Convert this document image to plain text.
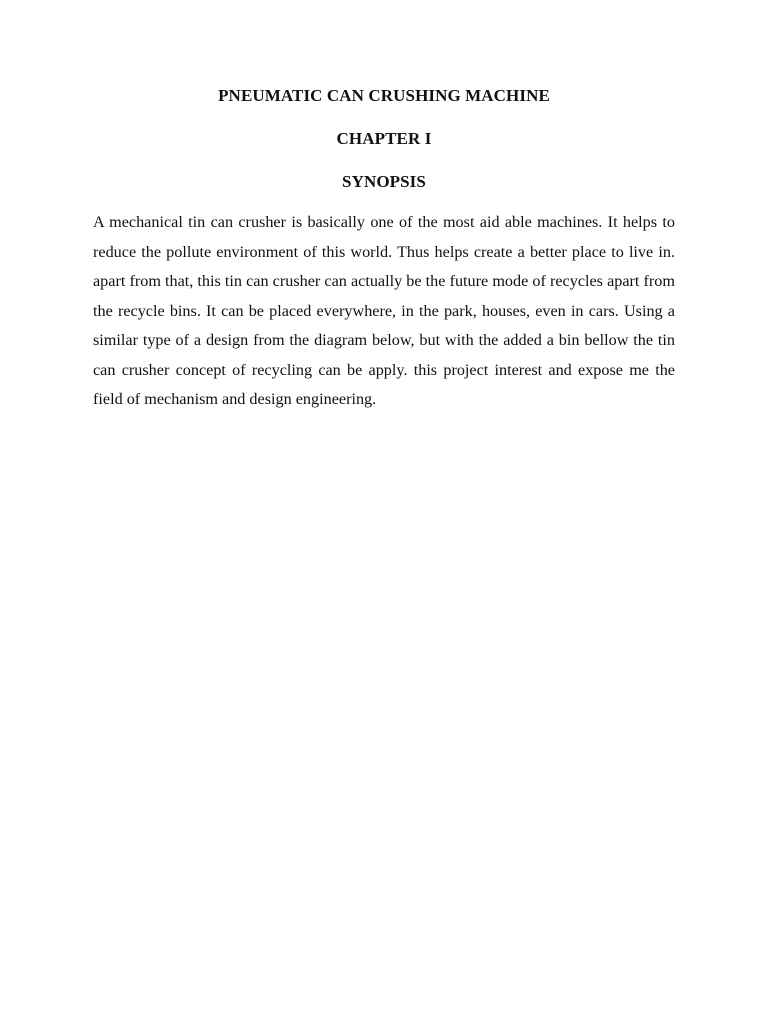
PNEUMATIC CAN CRUSHING MACHINE
CHAPTER I
SYNOPSIS

A mechanical tin can crusher is basically one of the most aid able machines. It helps to reduce the pollute environment of this world. Thus helps create a better place to live in. apart from that, this tin can crusher can actually be the future mode of recycles apart from the recycle bins. It can be placed everywhere, in the park, houses, even in cars. Using a similar type of a design from the diagram below, but with the added a bin bellow the tin can crusher concept of recycling can be apply. this project interest and expose me the field of mechanism and design engineering.
